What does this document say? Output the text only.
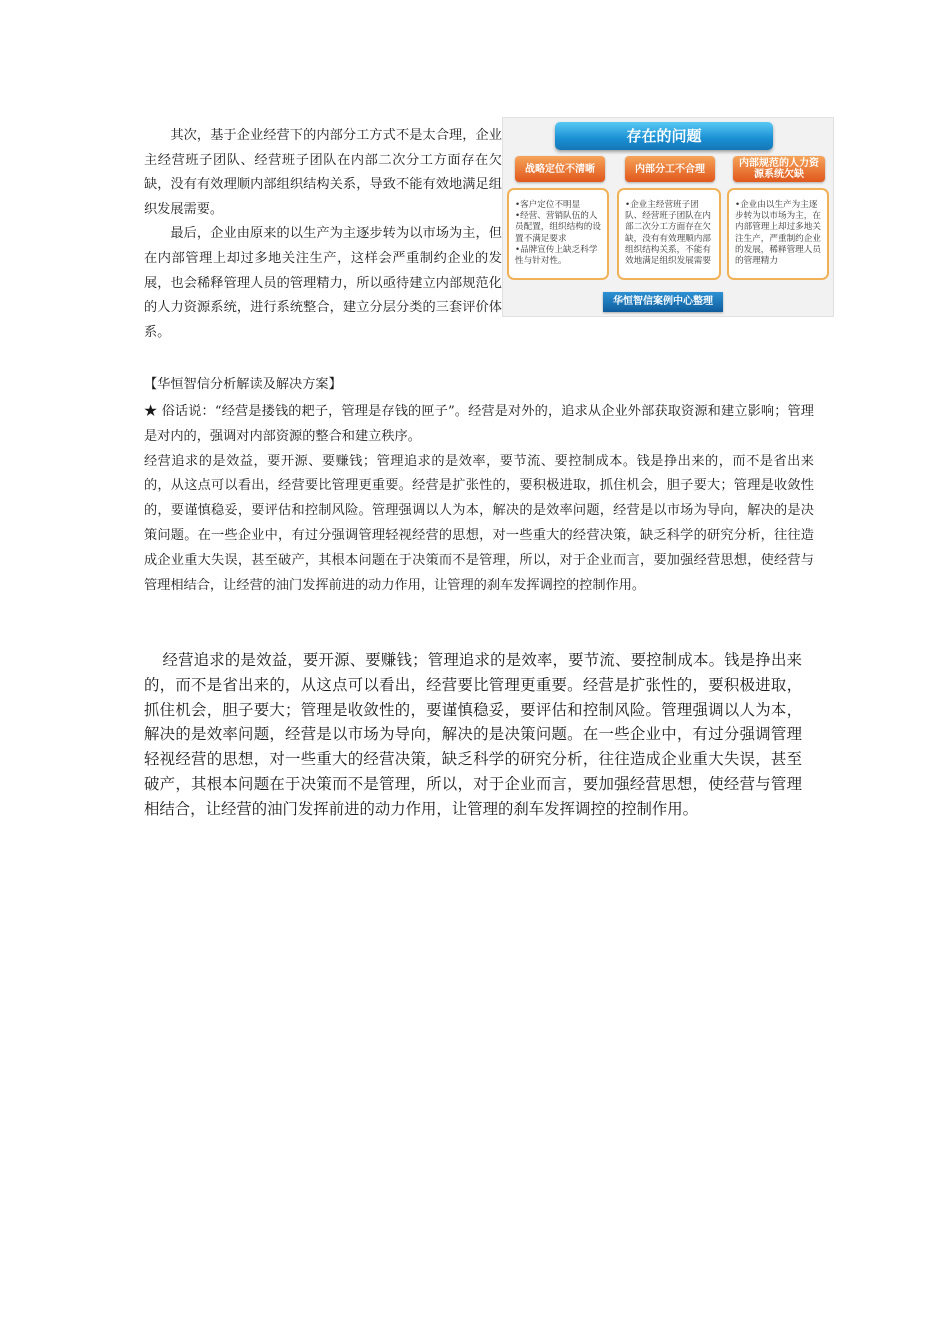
其次，基于企业经营下的内部分工方式不是太合理，企业主经营班子团队、经营班子团队在内部二次分工方面存在欠缺，没有有效理顺内部组织结构关系，导致不能有效地满足组织发展需要。

最后，企业由原来的以生产为主逐步转为以市场为主，但在内部管理上却过多地关注生产，这样会严重制约企业的发展，也会稀释管理人员的管理精力，所以亟待建立内部规范化的人力资源系统，进行系统整合，建立分层分类的三套评价体系。

存在的问题
战略定位不清晰	内部分工不合理	内部规范的人力资源系统欠缺
•客户定位不明显
•经营、营销队伍的人员配置，组织结构的设置不满足要求
•品牌宣传上缺乏科学性与针对性。
•企业主经营班子团队、经营班子团队在内部二次分工方面存在欠缺，没有有效理顺内部组织结构关系，不能有效地满足组织发展需要
•企业由以生产为主逐步转为以市场为主，在内部管理上却过多地关注生产，严重制约企业的发展，稀释管理人员的管理精力
华恒智信案例中心整理
【华恒智信分析解读及解决方案】

★ 俗话说：“经营是搂钱的耙子，管理是存钱的匣子”。经营是对外的，追求从企业外部获取资源和建立影响；管理是对内的，强调对内部资源的整合和建立秩序。

经营追求的是效益，要开源、要赚钱；管理追求的是效率，要节流、要控制成本。钱是挣出来的，而不是省出来的，从这点可以看出，经营要比管理更重要。经营是扩张性的，要积极进取，抓住机会，胆子要大；管理是收敛性的，要谨慎稳妥，要评估和控制风险。管理强调以人为本，解决的是效率问题，经营是以市场为导向，解决的是决策问题。在一些企业中，有过分强调管理轻视经营的思想，对一些重大的经营决策，缺乏科学的研究分析，往往造成企业重大失误，甚至破产，其根本问题在于决策而不是管理，所以，对于企业而言，要加强经营思想，使经营与管理相结合，让经营的油门发挥前进的动力作用，让管理的刹车发挥调控的控制作用。

经营追求的是效益，要开源、要赚钱；管理追求的是效率，要节流、要控制成本。钱是挣出来的，而不是省出来的，从这点可以看出，经营要比管理更重要。经营是扩张性的，要积极进取，抓住机会，胆子要大；管理是收敛性的，要谨慎稳妥，要评估和控制风险。管理强调以人为本，解决的是效率问题，经营是以市场为导向，解决的是决策问题。在一些企业中，有过分强调管理轻视经营的思想，对一些重大的经营决策，缺乏科学的研究分析，往往造成企业重大失误，甚至破产，其根本问题在于决策而不是管理，所以，对于企业而言，要加强经营思想，使经营与管理相结合，让经营的油门发挥前进的动力作用，让管理的刹车发挥调控的控制作用。
